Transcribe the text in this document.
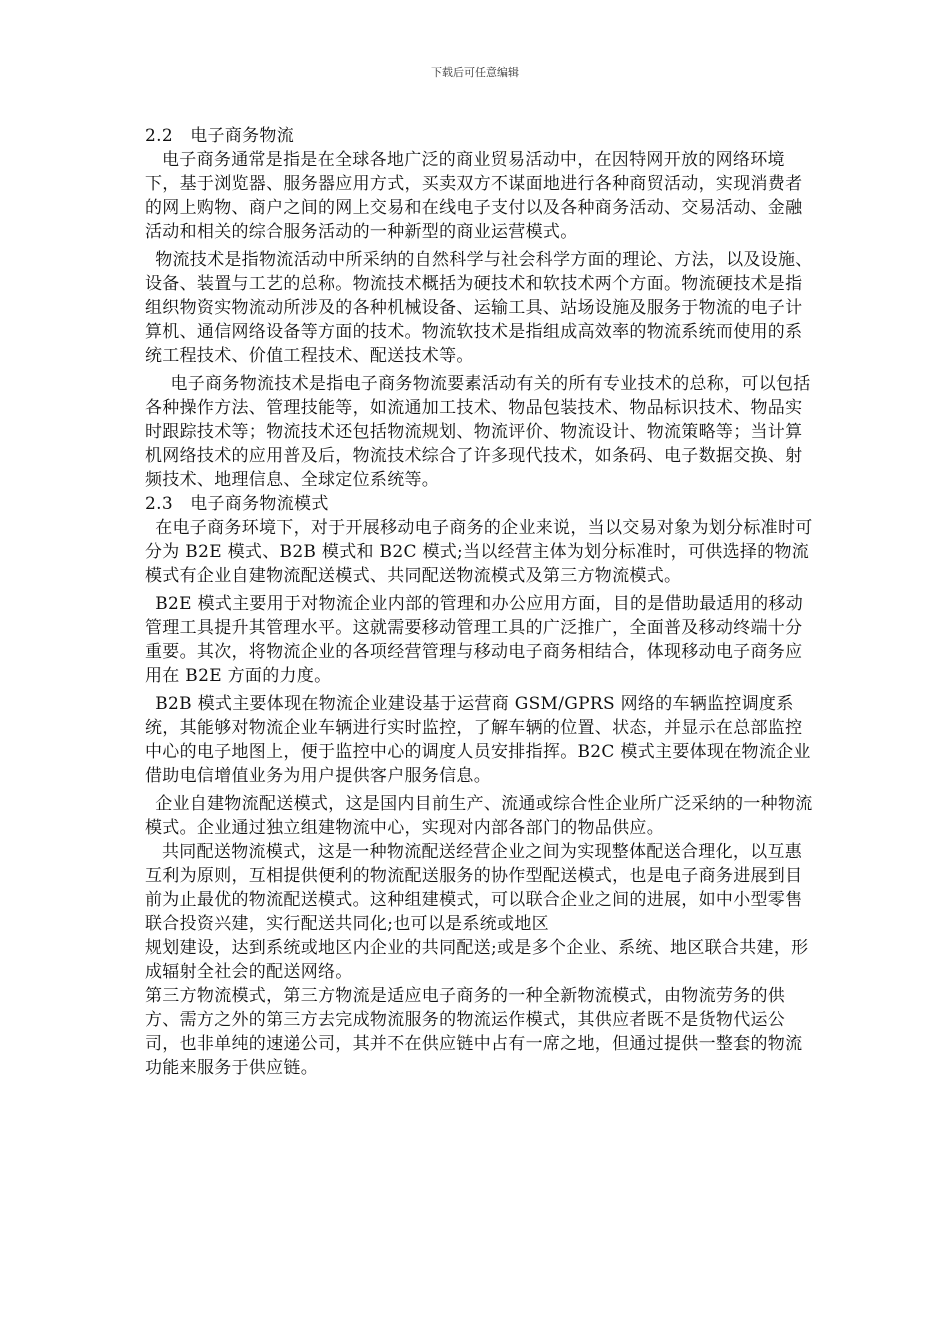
下载后可任意编辑
2.2　电子商务物流

电子商务通常是指是在全球各地广泛的商业贸易活动中，在因特网开放的网络环境下，基于浏览器、服务器应用方式，买卖双方不谋面地进行各种商贸活动，实现消费者的网上购物、商户之间的网上交易和在线电子支付以及各种商务活动、交易活动、金融活动和相关的综合服务活动的一种新型的商业运营模式。

物流技术是指物流活动中所采纳的自然科学与社会科学方面的理论、方法，以及设施、设备、装置与工艺的总称。物流技术概括为硬技术和软技术两个方面。物流硬技术是指组织物资实物流动所涉及的各种机械设备、运输工具、站场设施及服务于物流的电子计算机、通信网络设备等方面的技术。物流软技术是指组成高效率的物流系统而使用的系统工程技术、价值工程技术、配送技术等。

电子商务物流技术是指电子商务物流要素活动有关的所有专业技术的总称，可以包括各种操作方法、管理技能等，如流通加工技术、物品包装技术、物品标识技术、物品实时跟踪技术等；物流技术还包括物流规划、物流评价、物流设计、物流策略等；当计算机网络技术的应用普及后，物流技术综合了许多现代技术，如条码、电子数据交换、射频技术、地理信息、全球定位系统等。

2.3　电子商务物流模式

在电子商务环境下，对于开展移动电子商务的企业来说，当以交易对象为划分标准时可分为 B2E 模式、B2B 模式和 B2C 模式;当以经营主体为划分标准时，可供选择的物流模式有企业自建物流配送模式、共同配送物流模式及第三方物流模式。

B2E 模式主要用于对物流企业内部的管理和办公应用方面，目的是借助最适用的移动管理工具提升其管理水平。这就需要移动管理工具的广泛推广，全面普及移动终端十分重要。其次，将物流企业的各项经营管理与移动电子商务相结合，体现移动电子商务应用在 B2E 方面的力度。

B2B 模式主要体现在物流企业建设基于运营商 GSM/GPRS 网络的车辆监控调度系统，其能够对物流企业车辆进行实时监控，了解车辆的位置、状态，并显示在总部监控中心的电子地图上，便于监控中心的调度人员安排指挥。B2C 模式主要体现在物流企业借助电信增值业务为用户提供客户服务信息。

企业自建物流配送模式，这是国内目前生产、流通或综合性企业所广泛采纳的一种物流模式。企业通过独立组建物流中心，实现对内部各部门的物品供应。

共同配送物流模式，这是一种物流配送经营企业之间为实现整体配送合理化，以互惠互利为原则，互相提供便利的物流配送服务的协作型配送模式，也是电子商务进展到目前为止最优的物流配送模式。这种组建模式，可以联合企业之间的进展，如中小型零售联合投资兴建，实行配送共同化;也可以是系统或地区

规划建设，达到系统或地区内企业的共同配送;或是多个企业、系统、地区联合共建，形成辐射全社会的配送网络。

第三方物流模式，第三方物流是适应电子商务的一种全新物流模式，由物流劳务的供方、需方之外的第三方去完成物流服务的物流运作模式，其供应者既不是货物代运公司，也非单纯的速递公司，其并不在供应链中占有一席之地，但通过提供一整套的物流功能来服务于供应链。
